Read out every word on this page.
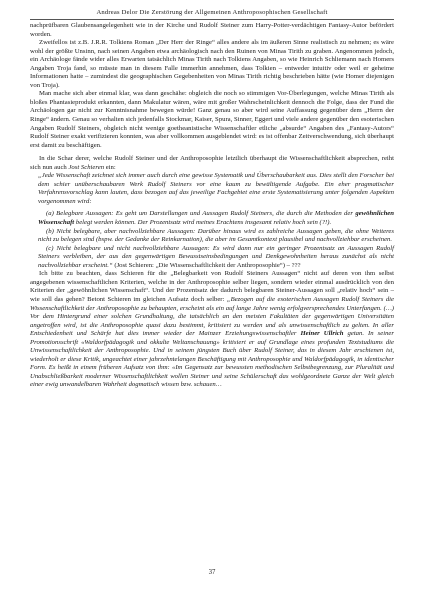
Andreas Delor Die Zerstörung der Allgemeinen Anthroposophischen Gesellschaft

nachprüfbaren Glaubensangelegenheit wie in der Kirche und Rudolf Steiner zum Harry-Potter-verdächtigen Fantasy-Autor befördert worden.

Zweifellos ist z.B. J.R.R. Tolkiens Roman „Der Herr der Ringe“ alles andere als im äußeren Sinne realistisch zu nehmen; es wäre wohl der größte Unsinn, nach seinen Angaben etwa archäologisch nach den Ruinen von Minas Tirith zu graben. Angenommen jedoch, ein Archäologe fände wider alles Erwarten tatsächlich Minas Tirith nach Tolkiens Angaben, so wie Heinrich Schliemann nach Homers Angaben Troja fand, so müsste man in diesem Falle immerhin annehmen, dass Tolkien – entweder intuitiv oder weil er geheime Informationen hatte – zumindest die geographischen Gegebenheiten von Minas Tirith richtig beschrieben hätte (wie Homer diejenigen von Troja).

Man mache sich aber einmal klar, was dann geschähe: obgleich die noch so stimmigen Vor-Überlegungen, welche Minas Tirith als bloßes Phantasieprodukt erkannten, dann Makulatur wären, wäre mit großer Wahrscheinlichkeit dennoch die Folge, dass der Fund die Archäologen gar nicht zur Kenntnisnahme bewegen würde! Ganz genau so aber wird seine Auffassung gegenüber dem „Herrn der Ringe“ ändern. Genau so verhalten sich jedenfalls Stockmar, Kaiser, Spura, Sinner, Eggert und viele andere gegenüber den esoterischen Angaben Rudolf Steiners, obgleich nicht wenige goetheanistische Wissenschaftler etliche „absurde“ Angaben des „Fantasy-Autors“ Rudolf Steiner exakt verifizieren konnten, was aber vollkommen ausgeblendet wird: es ist offenbar Zeitverschwendung, sich überhaupt erst damit zu beschäftigen.

In die Schar derer, welche Rudolf Steiner und der Anthroposophie letztlich überhaupt die Wissenschaftlichkeit absprechen, reiht sich nun auch Jost Schieren ein:

„Jede Wissenschaft zeichnet sich immer auch durch eine gewisse Systematik und Überschaubarkeit aus. Dies stellt den Forscher bei dem schier unüberschaubaren Werk Rudolf Steiners vor eine kaum zu bewältigende Aufgabe. Ein eher pragmatischer Verfahrensvorschlag kann lauten, dass bezogen auf das jeweilige Fachgebiet eine erste Systematisierung unter folgenden Aspekten vorgenommen wird:

(a) Belegbare Aussagen: Es geht um Darstellungen und Aussagen Rudolf Steiners, die durch die Methoden der gewöhnlichen Wissenschaft belegt werden können. Der Prozentsatz wird meines Erachtens insgesamt relativ hoch sein (?!).

(b) Nicht belegbare, aber nachvollziehbare Aussagen: Darüber hinaus wird es zahlreiche Aussagen geben, die ohne Weiteres nicht zu belegen sind (bspw. der Gedanke der Reinkarnation), die aber im Gesamtkontext plausibel und nachvollziehbar erscheinen.

(c) Nicht belegbare und nicht nachvollziehbare Aussagen: Es wird dann nur ein geringer Prozentsatz an Aussagen Rudolf Steiners verbleiben, der aus den gegenwärtigen Bewusstseinsbedingungen und Denkgewohnheiten heraus zunächst als nicht nachvollziehbar erscheint.“ (Jost Schieren: „Die Wissenschaftlichkeit der Anthroposophie“) – ???

Ich bitte zu beachten, dass Schieren für die „Belegbarkeit von Rudolf Steiners Aussagen“ nicht auf deren von ihm selbst angegebenen wissenschaftlichen Kriterien, welche in der Anthroposophie selber liegen, sondern wieder einmal ausdrücklich von den Kriterien der „gewöhnlichen Wissenschaft“. Und der Prozentsatz der dadurch belegbaren Steiner-Aussagen soll „relativ hoch“ sein – wie soll das gehen? Betont Schieren im gleichen Aufsatz doch selber: „Bezogen auf die esoterischen Aussagen Rudolf Steiners die Wissenschaftlichkeit der Anthroposophie zu behaupten, erscheint als ein auf lange Jahre wenig erfolgversprechendes Unterfangen. (…) Vor dem Hintergrund einer solchen Grundhaltung, die tatsächlich an den meisten Fakultäten der gegenwärtigen Universitäten angetroffen wird, ist die Anthroposophie quasi dazu bestimmt, kritisiert zu werden und als unwissenschaftlich zu gelten. In aller Entschiedenheit und Schärfe hat dies immer wieder der Mainzer Erziehungswissenschaftler Heiner Ullrich getan. In seiner Promotionsschrift «Waldorfpädagogik und okkulte Weltanschauung» kritisiert er auf Grundlage eines profunden Textstudiums die Unwissenschaftlichkeit der Anthroposophie. Und in seinem jüngsten Buch über Rudolf Steiner, das in diesem Jahr erschienen ist, wiederholt er diese Kritik, ungeachtet einer jahrzehntelangen Beschäftigung mit Anthroposophie und Waldorfpädagogik, in identischer Form. Es heißt in einem früheren Aufsatz von ihm: «Im Gegensatz zur bewussten methodischen Selbstbegrenzung, zur Pluralität und Unabschließbarkeit moderner Wissenschaftlichkeit wollen Steiner und seine Schülerschaft das wohlgeordnete Ganze der Welt gleich einer ewig unwandelbaren Wahrheit dogmatisch wissen bzw. schauen…

37
